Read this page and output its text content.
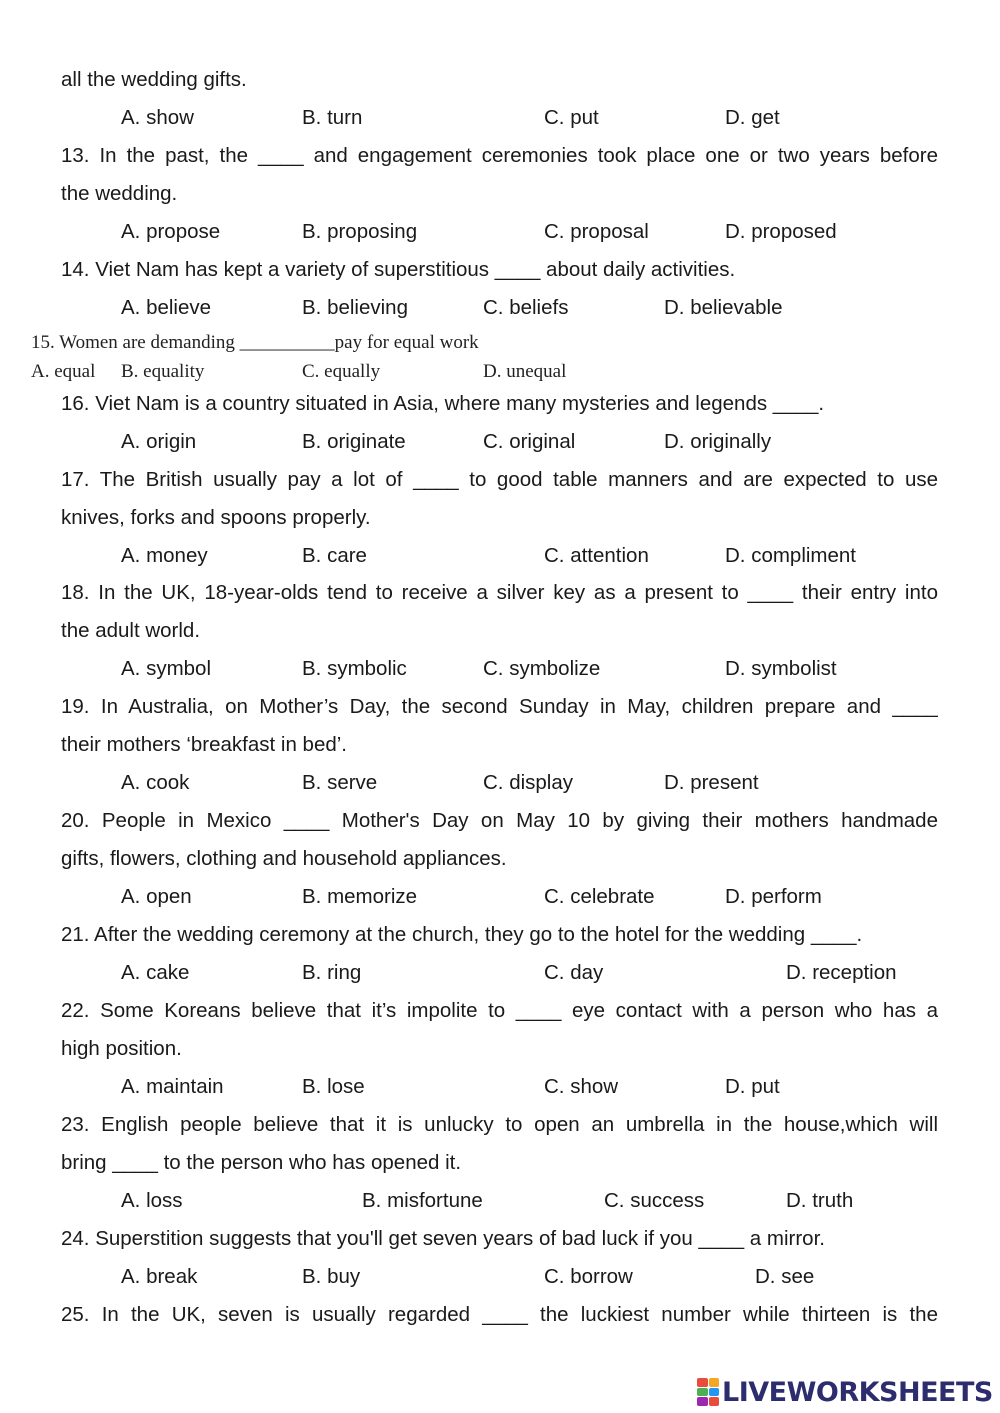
all the wedding gifts.
A. show	B. turn	C. put	D. get
13. In the past, the ____ and engagement ceremonies took place one or two years before
the wedding.
A. propose	B. proposing	C. proposal	D. proposed
14. Viet Nam has kept a variety of superstitious ____ about daily activities.
A. believe	B. believing	C. beliefs	D. believable
15. Women are demanding __________pay for equal work
A. equal B. equality	C. equally	D. unequal
16. Viet Nam is a country situated in Asia, where many mysteries and legends ____.
A. origin	B. originate	C. original	D. originally
17. The British usually pay a lot of ____ to good table manners and are expected to use
knives, forks and spoons properly.
A. money	B. care	C. attention	D. compliment
18. In the UK, 18-year-olds tend to receive a silver key as a present to ____ their entry into
the adult world.
A. symbol	B. symbolic	C. symbolize	D. symbolist
19. In Australia, on Mother’s Day, the second Sunday in May, children prepare and ____
their mothers ‘breakfast in bed’.
A. cook	B. serve	C. display	D. present
20. People in Mexico ____ Mother's Day on May 10 by giving their mothers handmade
gifts, flowers, clothing and household appliances.
A. open	B. memorize	C. celebrate	D. perform
21. After the wedding ceremony at the church, they go to the hotel for the wedding ____.
A. cake	B. ring	C. day	D. reception
22. Some Koreans believe that it’s impolite to ____ eye contact with a person who has a
high position.
A. maintain	B. lose	C. show	D. put
23. English people believe that it is unlucky to open an umbrella in the house,which will
bring ____ to the person who has opened it.
A. loss	B. misfortune	C. success	D. truth
24. Superstition suggests that you'll get seven years of bad luck if you ____ a mirror.
A. break	B. buy	C. borrow	D. see
25. In the UK, seven is usually regarded ____ the luckiest number while thirteen is the
LIVEWORKSHEETS
